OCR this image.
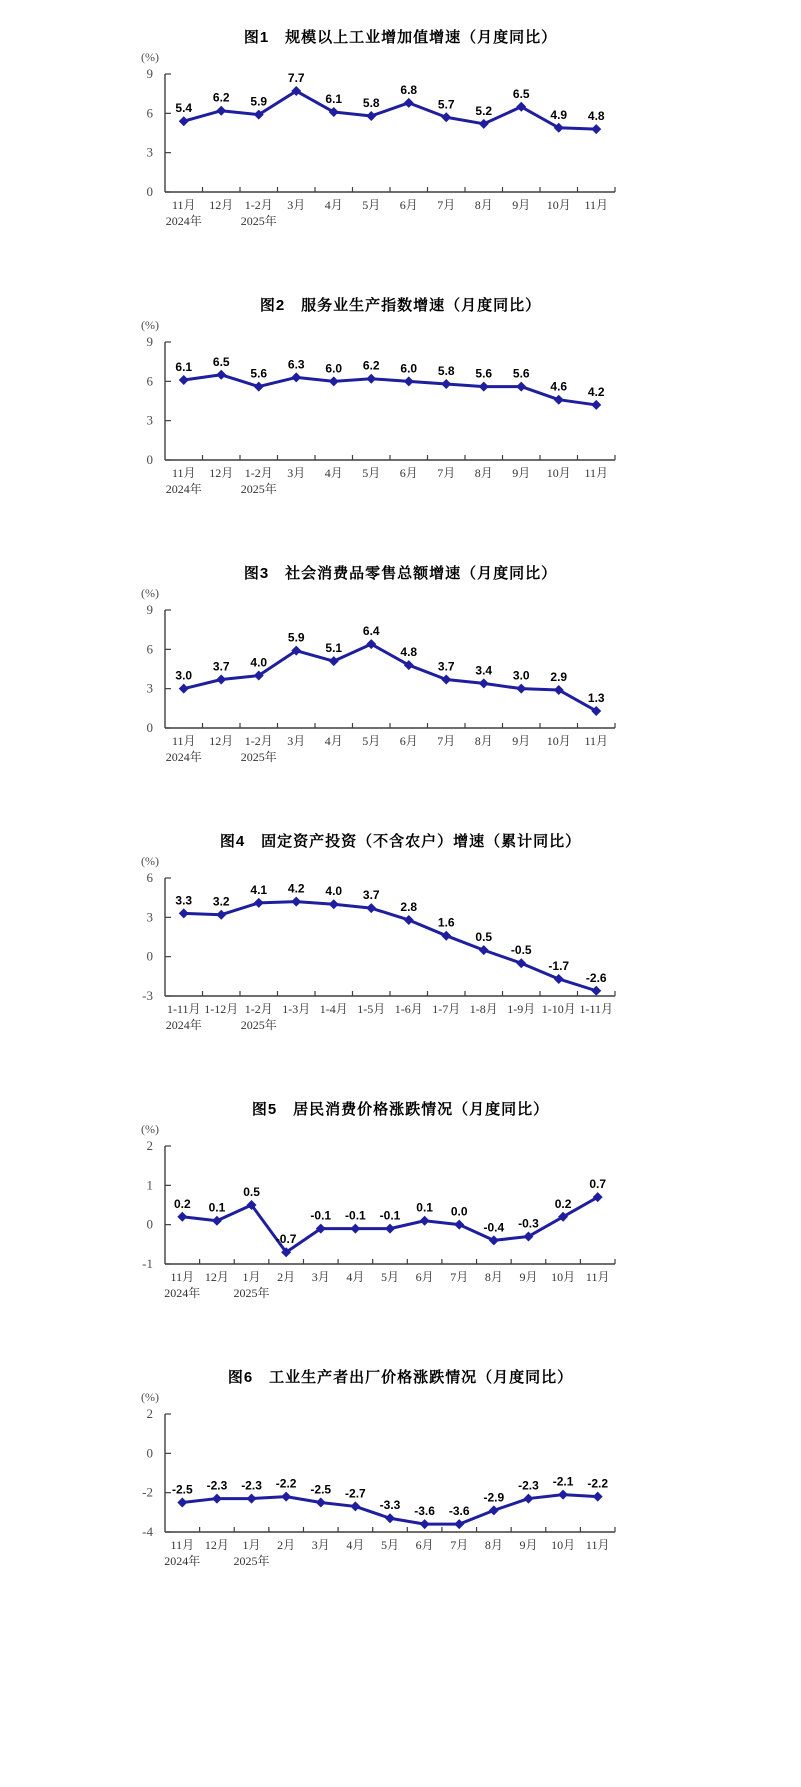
图1　规模以上工业增加值增速（月度同比）
(%)
0
3
6
9
5.4
6.2 5.9
7.7
6.1 5.8
6.8
5.7 5.2
6.5
4.9 4.8
11月 12月 1-2月 3月 4月 5月 6月 7月 8月 9月 10月 11月
2024年	2025年
图2　服务业生产指数增速（月度同比）
(%)
0
3
6
9
6.1 6.5
5.6
6.3 6.0 6.2 6.0 5.8 5.6 5.6
4.6 4.2
11月 12月 1-2月 3月 4月 5月 6月 7月 8月 9月 10月 11月
2024年	2025年
图3　社会消费品零售总额增速（月度同比）
(%)
0
3
6
9
3.0
3.7 4.0
5.9
5.1
6.4
4.8
3.7 3.4 3.0 2.9
1.3
11月 12月 1-2月 3月 4月 5月 6月 7月 8月 9月 10月 11月
2024年	2025年
图4　固定资产投资（不含农户）增速（累计同比）
(%)
-3
0
3
6
3.3 3.2
4.1 4.2 4.0 3.7
2.8
1.6
0.5
-0.5
-1.7
-2.6
1-11月 1-12月 1-2月 1-3月 1-4月 1-5月 1-6月 1-7月 1-8月 1-9月 1-10月 1-11月
2024年	2025年
图5　居民消费价格涨跌情况（月度同比）
(%)
-1
0
1
2
0.2 0.1
0.5
-0.7
-0.1 -0.1 -0.1
0.1 0.0
-0.4 -0.3
0.2
0.7
11月 12月 1月 2月 3月 4月 5月 6月 7月 8月 9月 10月 11月
2024年	2025年
图6　工业生产者出厂价格涨跌情况（月度同比）
(%)
-4
-2
0
2
-2.5 -2.3 -2.3 -2.2 -2.5 -2.7
-3.3 -3.6 -3.6
-2.9
-2.3 -2.1 -2.2
11月 12月 1月 2月 3月 4月 5月 6月 7月 8月 9月 10月 11月
2024年	2025年
